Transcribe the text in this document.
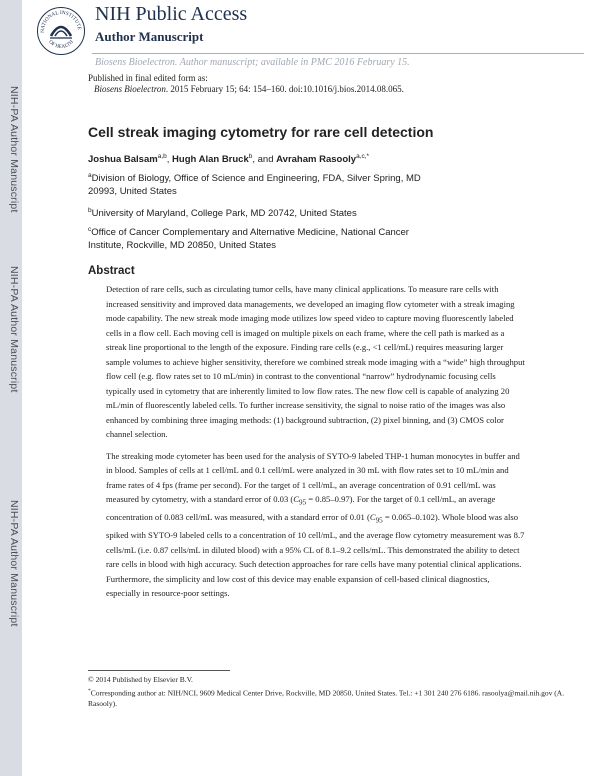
NIH-PA Author Manuscript
NIH-PA Author Manuscript
NIH-PA Author Manuscript
NATIONAL INSTITUTE
OF HEALTH
NIH Public Access
Author Manuscript
Biosens Bioelectron. Author manuscript; available in PMC 2016 February 15.
Published in final edited form as:
Biosens Bioelectron. 2015 February 15; 64: 154–160. doi:10.1016/j.bios.2014.08.065.
Cell streak imaging cytometry for rare cell detection
Joshua Balsam$^{a,b}$, Hugh Alan Bruck$^b$, and Avraham Rasooly$^{a,c,*}$
$^a$Division of Biology, Office of Science and Engineering, FDA, Silver Spring, MD 20993, United States
$^b$University of Maryland, College Park, MD 20742, United States
$^c$Office of Cancer Complementary and Alternative Medicine, National Cancer Institute, Rockville, MD 20850, United States
Abstract

Detection of rare cells, such as circulating tumor cells, have many clinical applications. To measure rare cells with increased sensitivity and improved data managements, we developed an imaging flow cytometer with a streak imaging mode capability. The new streak mode imaging mode utilizes low speed video to capture moving fluorescently labeled cells in a flow cell. Each moving cell is imaged on multiple pixels on each frame, where the cell path is marked as a streak line proportional to the length of the exposure. Finding rare cells (e.g., <1 cell/mL) requires measuring larger sample volumes to achieve higher sensitivity, therefore we combined streak mode imaging with a “wide” high throughput flow cell (e.g. flow rates set to 10 mL/min) in contrast to the conventional “narrow” hydrodynamic focusing cells typically used in cytometry that are inherently limited to low flow rates. The new flow cell is capable of analyzing 20 mL/min of fluorescently labeled cells. To further increase sensitivity, the signal to noise ratio of the images was also enhanced by combining three imaging methods: (1) background subtraction, (2) pixel binning, and (3) CMOS color channel selection.

The streaking mode cytometer has been used for the analysis of SYTO-9 labeled THP-1 human monocytes in buffer and in blood. Samples of cells at 1 cell/mL and 0.1 cell/mL were analyzed in 30 mL with flow rates set to 10 mL/min and frame rates of 4 fps (frame per second). For the target of 1 cell/mL, an average concentration of 0.91 cell/mL was measured by cytometry, with a standard error of 0.03 $(C_{95} = 0.85-0.97)$. For the target of 0.1 cell/mL, an average concentration of 0.083 cell/mL was measured, with a standard error of 0.01 $(C_{95} = 0.065-0.102)$. Whole blood was also spiked with SYTO-9 labeled cells to a concentration of 10 cell/mL, and the average flow cytometry measurement was 8.7 cells/mL (i.e. 0.87 cells/mL in diluted blood) with a 95% CL of 8.1–9.2 cells/mL. This demonstrated the ability to detect rare cells in blood with high accuracy. Such detection approaches for rare cells have many potential clinical applications. Furthermore, the simplicity and low cost of this device may enable expansion of cell-based clinical diagnostics, especially in resource-poor settings.

© 2014 Published by Elsevier B.V.
*Corresponding author at: NIH/NCI, 9609 Medical Center Drive, Rockville, MD 20850, United States. Tel.: +1 301 240 276 6186. rasoolya@mail.nih.gov (A. Rasooly).
